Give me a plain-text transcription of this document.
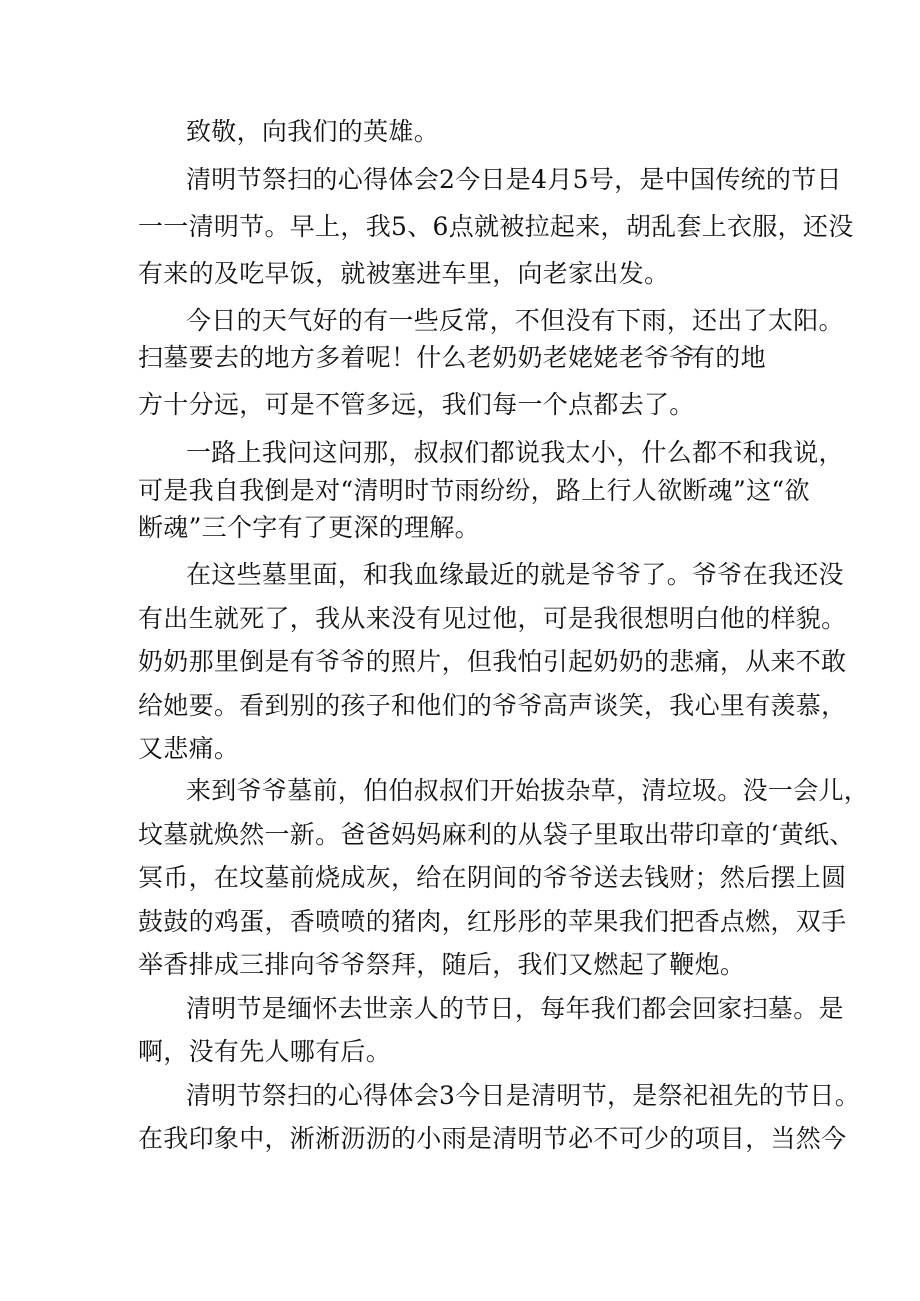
致敬，向我们的英雄。
清明节祭扫的心得体会2今日是4月5号，是中国传统的节日
一一清明节。早上，我5、6点就被拉起来，胡乱套上衣服，还没
有来的及吃早饭，就被塞进车里，向老家出发。
今日的天气好的有一些反常，不但没有下雨，还出了太阳。
扫墓要去的地方多着呢！什么老奶奶老姥姥老爷爷
有的地
方十分远，可是不管多远，我们每一个点都去了。
一路上我问这问那，叔叔们都说我太小，什么都不和我说，
可是我自我倒是对“清明时节雨纷纷，路上行人欲断魂”这“欲
断魂”三个字有了更深的理解。
在这些墓里面，和我血缘最近的就是爷爷了。爷爷在我还没
有出生就死了，我从来没有见过他，可是我很想明白他的样貌。
奶奶那里倒是有爷爷的照片，但我怕引起奶奶的悲痛，从来不敢
给她要。看到别的孩子和他们的爷爷高声谈笑，我心里有羡慕，
又悲痛。
来到爷爷墓前，伯伯叔叔们开始拔杂草，清垃圾。没一会儿，
坟墓就焕然一新。爸爸妈妈麻利的从袋子里取出带印章的‘黄纸、
冥币，在坟墓前烧成灰，给在阴间的爷爷送去钱财；然后摆上圆
鼓鼓的鸡蛋，香喷喷的猪肉，红彤彤的苹果我们把香点燃，双手
举香排成三排向爷爷祭拜，随后，我们又燃起了鞭炮。
清明节是缅怀去世亲人的节日，每年我们都会回家扫墓。是
啊，没有先人哪有后。
清明节祭扫的心得体会3今日是清明节，是祭祀祖先的节日。
在我印象中，淅淅沥沥的小雨是清明节必不可少的项目，当然今
